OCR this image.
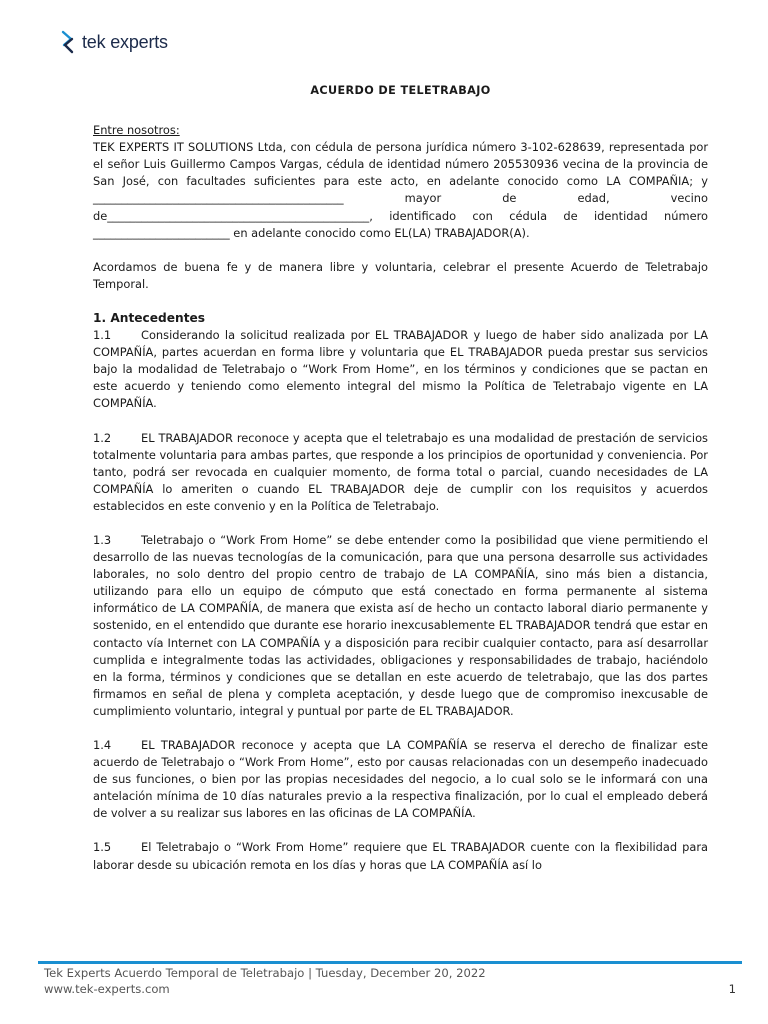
tek experts
ACUERDO DE TELETRABAJO
Entre nosotros:
TEK EXPERTS IT SOLUTIONS Ltda, con cédula de persona jurídica número 3-102-628639, representada por el señor Luis Guillermo Campos Vargas, cédula de identidad número 205530936 vecina de la provincia de San José, con facultades suficientes para este acto, en adelante conocido como LA COMPAÑIA; y ____________________________________________ mayor de edad, vecino de______________________________________________, identificado con cédula de identidad número ________________________ en adelante conocido como EL(LA) TRABAJADOR(A).
Acordamos de buena fe y de manera libre y voluntaria, celebrar el presente Acuerdo de Teletrabajo Temporal.
1. Antecedentes
1.1	Considerando la solicitud realizada por EL TRABAJADOR y luego de haber sido analizada por LA COMPAÑÍA, partes acuerdan en forma libre y voluntaria que EL TRABAJADOR pueda prestar sus servicios bajo la modalidad de Teletrabajo o “Work From Home”, en los términos y condiciones que se pactan en este acuerdo y teniendo como elemento integral del mismo la Política de Teletrabajo vigente en LA COMPAÑÍA.
1.2	EL TRABAJADOR reconoce y acepta que el teletrabajo es una modalidad de prestación de servicios totalmente voluntaria para ambas partes, que responde a los principios de oportunidad y conveniencia. Por tanto, podrá ser revocada en cualquier momento, de forma total o parcial, cuando necesidades de LA COMPAÑÍA lo ameriten o cuando EL TRABAJADOR deje de cumplir con los requisitos y acuerdos establecidos en este convenio y en la Política de Teletrabajo.
1.3	Teletrabajo o “Work From Home” se debe entender como la posibilidad que viene permitiendo el desarrollo de las nuevas tecnologías de la comunicación, para que una persona desarrolle sus actividades laborales, no solo dentro del propio centro de trabajo de LA COMPAÑÍA, sino más bien a distancia, utilizando para ello un equipo de cómputo que está conectado en forma permanente al sistema informático de LA COMPAÑÍA, de manera que exista así de hecho un contacto laboral diario permanente y sostenido, en el entendido que durante ese horario inexcusablemente EL TRABAJADOR tendrá que estar en contacto vía Internet con LA COMPAÑÍA y a disposición para recibir cualquier contacto, para así desarrollar cumplida e integralmente todas las actividades, obligaciones y responsabilidades de trabajo, haciéndolo en la forma, términos y condiciones que se detallan en este acuerdo de teletrabajo, que las dos partes firmamos en señal de plena y completa aceptación, y desde luego que de compromiso inexcusable de cumplimiento voluntario, integral y puntual por parte de EL TRABAJADOR.
1.4	EL TRABAJADOR reconoce y acepta que LA COMPAÑÍA se reserva el derecho de finalizar este acuerdo de Teletrabajo o “Work From Home”, esto por causas relacionadas con un desempeño inadecuado de sus funciones, o bien por las propias necesidades del negocio, a lo cual solo se le informará con una antelación mínima de 10 días naturales previo a la respectiva finalización, por lo cual el empleado deberá de volver a su realizar sus labores en las oficinas de LA COMPAÑÍA.
1.5	El Teletrabajo o “Work From Home” requiere que EL TRABAJADOR cuente con la flexibilidad para laborar desde su ubicación remota en los días y horas que LA COMPAÑÍA así lo
Tek Experts Acuerdo Temporal de Teletrabajo | Tuesday, December 20, 2022
www.tek-experts.com	1
